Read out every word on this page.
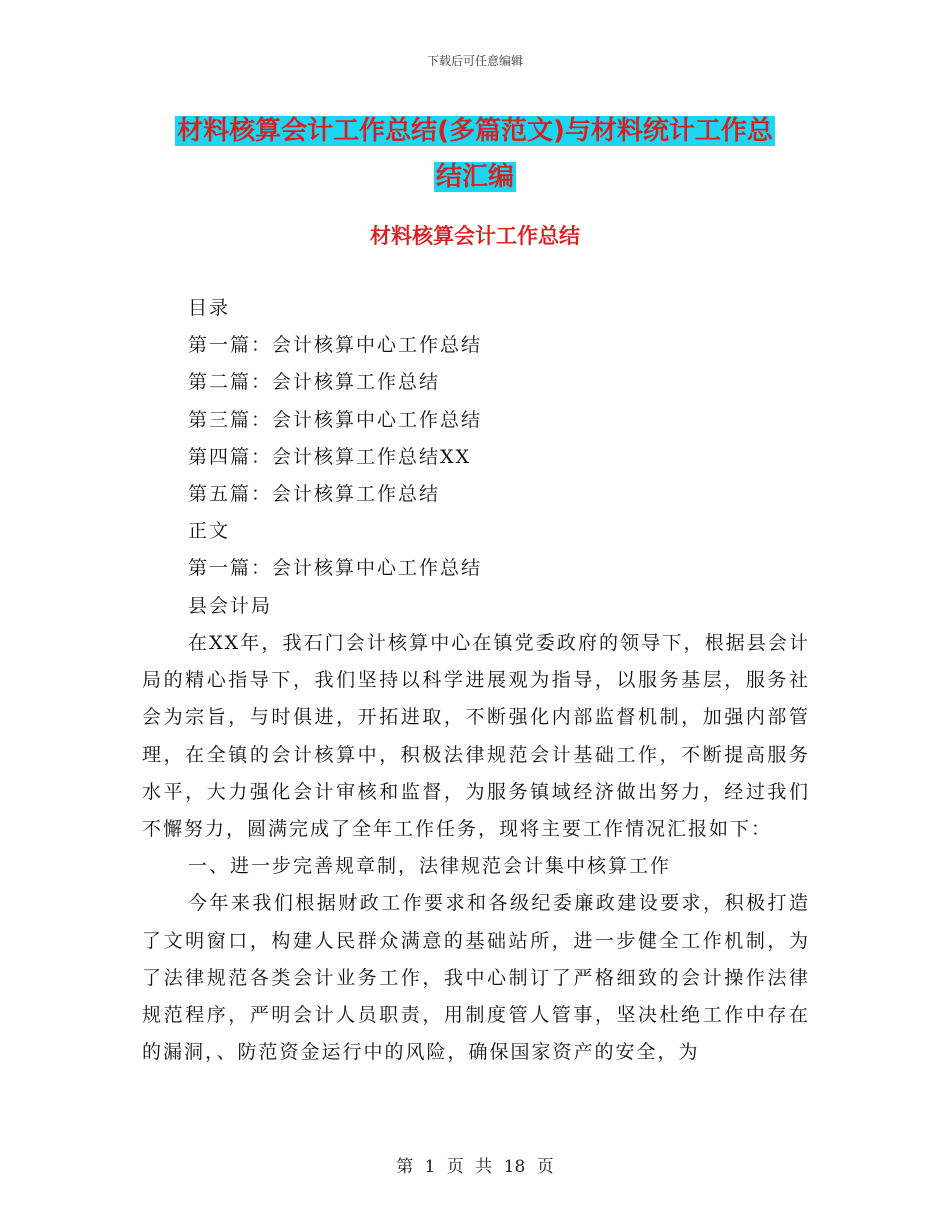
下载后可任意编辑
材料核算会计工作总结(多篇范文)与材料统计工作总
结汇编
材料核算会计工作总结
目录
第一篇：会计核算中心工作总结
第二篇：会计核算工作总结
第三篇：会计核算中心工作总结
第四篇：会计核算工作总结XX
第五篇：会计核算工作总结
正文
第一篇：会计核算中心工作总结
县会计局

在XX年，我石门会计核算中心在镇党委政府的领导下，根据县会计局的精心指导下，我们坚持以科学进展观为指导，以服务基层，服务社会为宗旨，与时俱进，开拓进取，不断强化内部监督机制，加强内部管理，在全镇的会计核算中，积极法律规范会计基础工作，不断提高服务水平，大力强化会计审核和监督，为服务镇域经济做出努力，经过我们不懈努力，圆满完成了全年工作任务，现将主要工作情况汇报如下：

一、进一步完善规章制，法律规范会计集中核算工作

今年来我们根据财政工作要求和各级纪委廉政建设要求，积极打造了文明窗口，构建人民群众满意的基础站所，进一步健全工作机制，为了法律规范各类会计业务工作，我中心制订了严格细致的会计操作法律规范程序，严明会计人员职责，用制度管人管事，坚决杜绝工作中存在的漏洞，、防范资金运行中的风险，确保国家资产的安全，为

第 1 页 共 18 页
